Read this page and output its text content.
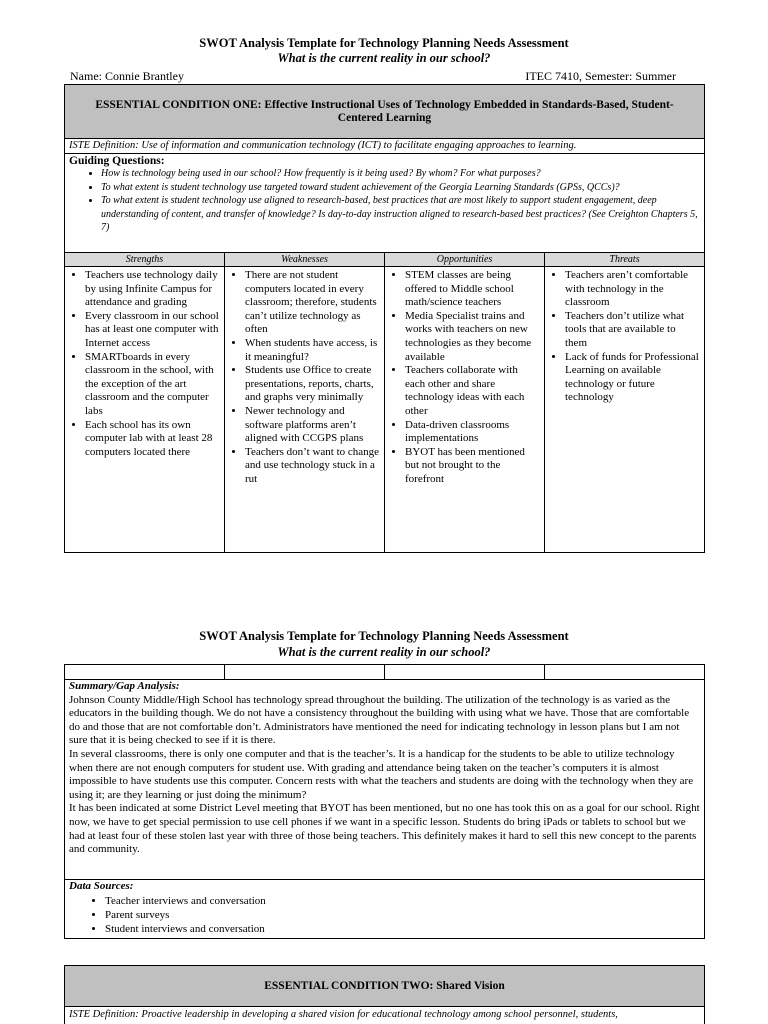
SWOT Analysis Template for Technology Planning Needs Assessment
What is the current reality in our school?
Name: Connie Brantley	ITEC 7410, Semester: Summer
ESSENTIAL CONDITION ONE: Effective Instructional Uses of Technology Embedded in Standards-Based, Student-Centered Learning
ISTE Definition: Use of information and communication technology (ICT) to facilitate engaging approaches to learning.
Guiding Questions:
• How is technology being used in our school? How frequently is it being used? By whom? For what purposes?
• To what extent is student technology use targeted toward student achievement of the Georgia Learning Standards (GPSs, QCCs)?
• To what extent is student technology use aligned to research-based, best practices that are most likely to support student engagement, deep understanding of content, and transfer of knowledge? Is day-to-day instruction aligned to research-based best practices? (See Creighton Chapters 5, 7)
Strengths
• Teachers use technology daily by using Infinite Campus for attendance and grading
• Every classroom in our school has at least one computer with Internet access
• SMARTboards in every classroom in the school, with the exception of the art classroom and the computer labs
• Each school has its own computer lab with at least 28 computers located there
Weaknesses
• There are not student computers located in every classroom; therefore, students can’t utilize technology as often
• When students have access, is it meaningful?
• Students use Office to create presentations, reports, charts, and graphs very minimally
• Newer technology and software platforms aren’t aligned with CCGPS plans
• Teachers don’t want to change and use technology stuck in a rut
Opportunities
• STEM classes are being offered to Middle school math/science teachers
• Media Specialist trains and works with teachers on new technologies as they become available
• Teachers collaborate with each other and share technology ideas with each other
• Data-driven classrooms implementations
• BYOT has been mentioned but not brought to the forefront
Threats
• Teachers aren’t comfortable with technology in the classroom
• Teachers don’t utilize what tools that are available to them
• Lack of funds for Professional Learning on available technology or future technology
SWOT Analysis Template for Technology Planning Needs Assessment
What is the current reality in our school?
Summary/Gap Analysis:

Johnson County Middle/High School has technology spread throughout the building. The utilization of the technology is as varied as the educators in the building though. We do not have a consistency throughout the building with using what we have. Those that are comfortable do and those that are not comfortable don’t. Administrators have mentioned the need for indicating technology in lesson plans but I am not sure that it is being checked to see if it is there.

In several classrooms, there is only one computer and that is the teacher’s. It is a handicap for the students to be able to utilize technology when there are not enough computers for student use. With grading and attendance being taken on the teacher’s computers it is almost impossible to have students use this computer. Concern rests with what the teachers and students are doing with the technology when they are using it; are they learning or just doing the minimum?

It has been indicated at some District Level meeting that BYOT has been mentioned, but no one has took this on as a goal for our school. Right now, we have to get special permission to use cell phones if we want in a specific lesson. Students do bring iPads or tablets to school but we had at least four of these stolen last year with three of those being teachers. This definitely makes it hard to sell this new concept to the parents and community.

Data Sources:
• Teacher interviews and conversation
• Parent surveys
• Student interviews and conversation
ESSENTIAL CONDITION TWO: Shared Vision
ISTE Definition: Proactive leadership in developing a shared vision for educational technology among school personnel, students,
